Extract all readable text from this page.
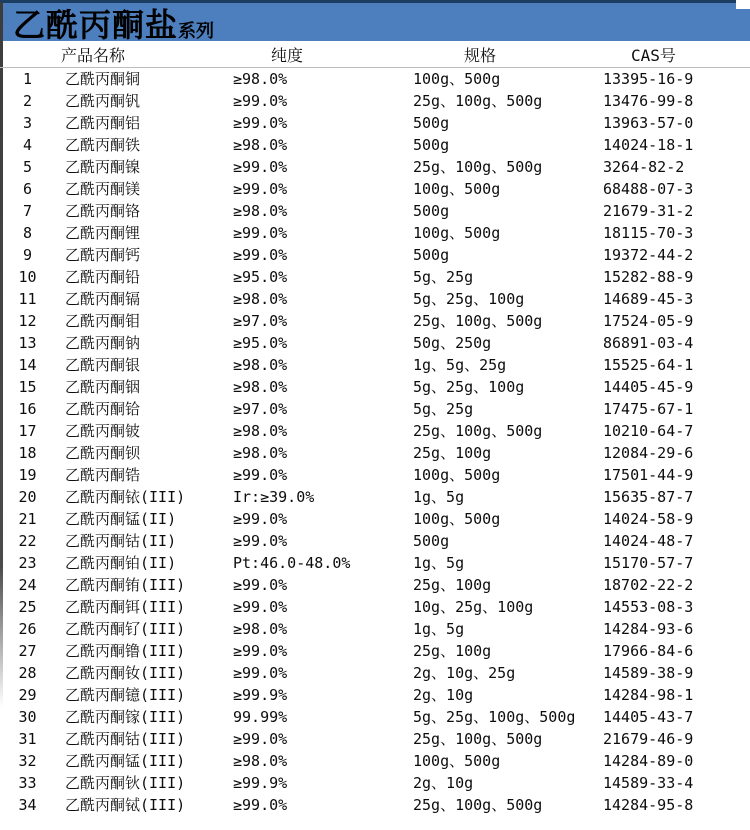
乙酰丙酮盐 系列
	产品名称	纯度	规格	CAS号
1	乙酰丙酮铜	≥98.0%	100g、500g	13395-16-9
2	乙酰丙酮钒	≥99.0%	25g、100g、500g	13476-99-8
3	乙酰丙酮铝	≥99.0%	500g	13963-57-0
4	乙酰丙酮铁	≥98.0%	500g	14024-18-1
5	乙酰丙酮镍	≥99.0%	25g、100g、500g	3264-82-2
6	乙酰丙酮镁	≥99.0%	100g、500g	68488-07-3
7	乙酰丙酮铬	≥98.0%	500g	21679-31-2
8	乙酰丙酮锂	≥99.0%	100g、500g	18115-70-3
9	乙酰丙酮钙	≥99.0%	500g	19372-44-2
10	乙酰丙酮铅	≥95.0%	5g、25g	15282-88-9
11	乙酰丙酮镉	≥98.0%	5g、25g、100g	14689-45-3
12	乙酰丙酮钼	≥97.0%	25g、100g、500g	17524-05-9
13	乙酰丙酮钠	≥95.0%	50g、250g	86891-03-4
14	乙酰丙酮银	≥98.0%	1g、5g、25g	15525-64-1
15	乙酰丙酮铟	≥98.0%	5g、25g、100g	14405-45-9
16	乙酰丙酮铪	≥97.0%	5g、25g	17475-67-1
17	乙酰丙酮铍	≥98.0%	25g、100g、500g	10210-64-7
18	乙酰丙酮钡	≥98.0%	25g、100g	12084-29-6
19	乙酰丙酮锆	≥99.0%	100g、500g	17501-44-9
20	乙酰丙酮铱(III)	Ir:≥39.0%	1g、5g	15635-87-7
21	乙酰丙酮锰(II)	≥99.0%	100g、500g	14024-58-9
22	乙酰丙酮钴(II)	≥99.0%	500g	14024-48-7
23	乙酰丙酮铂(II)	Pt:46.0-48.0%	1g、5g	15170-57-7
24	乙酰丙酮铕(III)	≥99.0%	25g、100g	18702-22-2
25	乙酰丙酮铒(III)	≥99.0%	10g、25g、100g	14553-08-3
26	乙酰丙酮钌(III)	≥98.0%	1g、5g	14284-93-6
27	乙酰丙酮镥(III)	≥99.0%	25g、100g	17966-84-6
28	乙酰丙酮钕(III)	≥99.0%	2g、10g、25g	14589-38-9
29	乙酰丙酮镱(III)	≥99.9%	2g、10g	14284-98-1
30	乙酰丙酮镓(III)	99.99%	5g、25g、100g、500g	14405-43-7
31	乙酰丙酮钴(III)	≥99.0%	25g、100g、500g	21679-46-9
32	乙酰丙酮锰(III)	≥98.0%	100g、500g	14284-89-0
33	乙酰丙酮钬(III)	≥99.9%	2g、10g	14589-33-4
34	乙酰丙酮铽(III)	≥99.0%	25g、100g、500g	14284-95-8
